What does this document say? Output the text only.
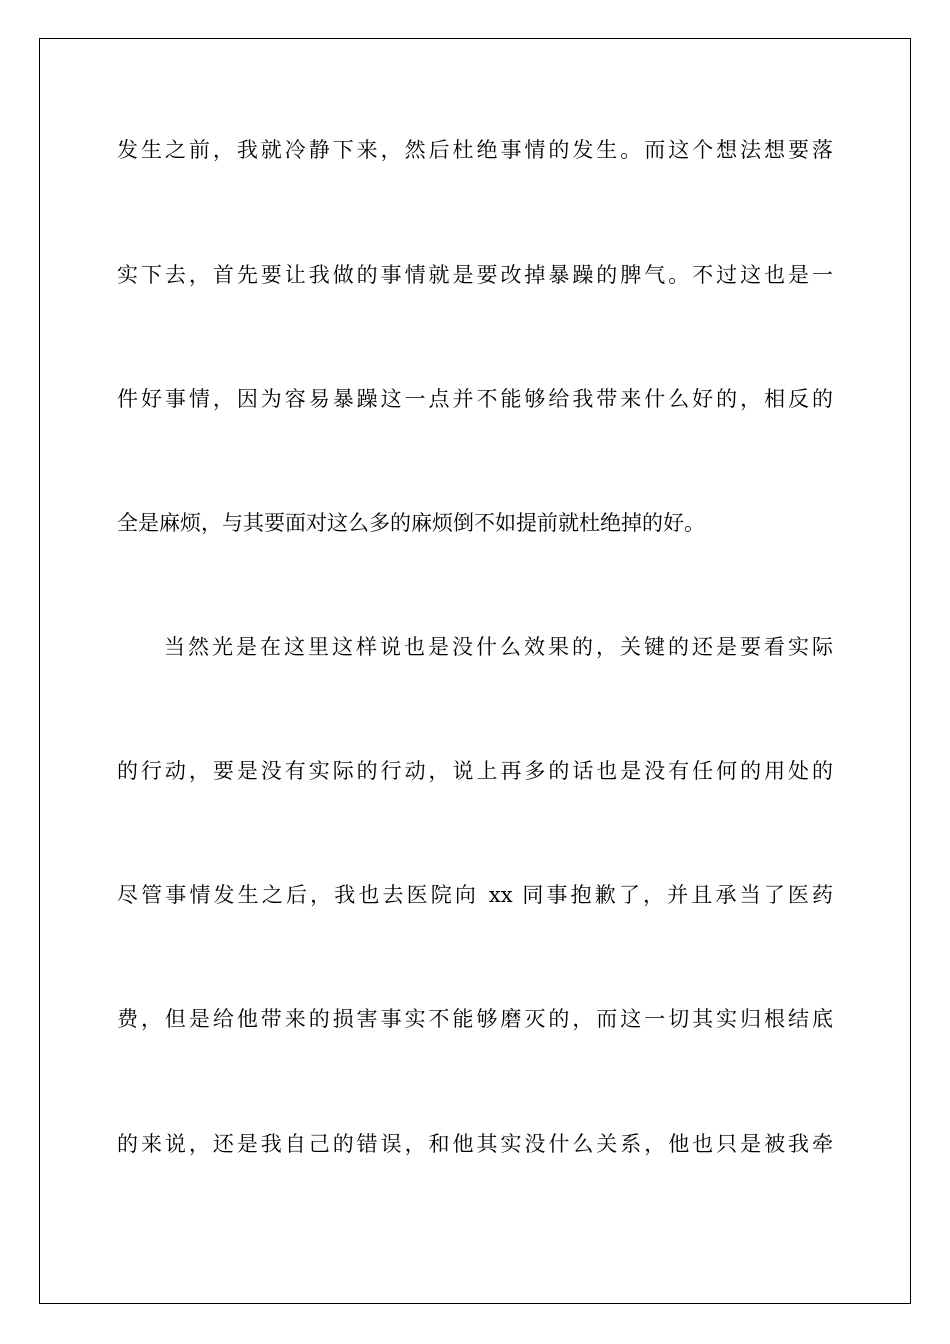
发生之前，我就冷静下来，然后杜绝事情的发生。而这个想法想要落
实下去，首先要让我做的事情就是要改掉暴躁的脾气。不过这也是一
件好事情，因为容易暴躁这一点并不能够给我带来什么好的，相反的
全是麻烦，与其要面对这么多的麻烦倒不如提前就杜绝掉的好。
当然光是在这里这样说也是没什么效果的，关键的还是要看实际
的行动，要是没有实际的行动，说上再多的话也是没有任何的用处的
尽管事情发生之后，我也去医院向 xx 同事抱歉了，并且承当了医药
费，但是给他带来的损害事实不能够磨灭的，而这一切其实归根结底
的来说，还是我自己的错误，和他其实没什么关系，他也只是被我牵
